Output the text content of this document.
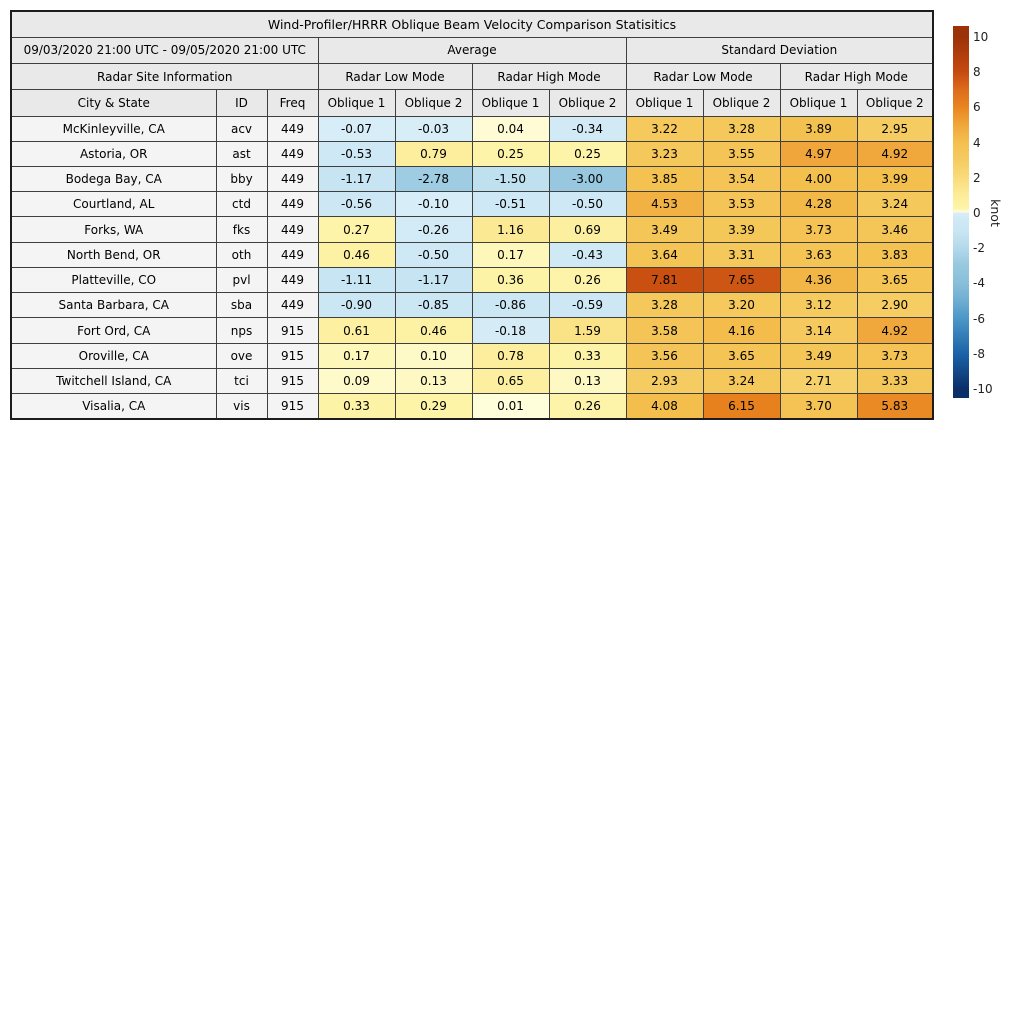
Wind-Profiler/HRRR Oblique Beam Velocity Comparison Statisitics										
09/03/2020 21:00 UTC - 09/05/2020 21:00 UTC			Average				Standard Deviation			
Radar Site Information			Radar Low Mode		Radar High Mode		Radar Low Mode		Radar High Mode	
City & State	ID	Freq	Oblique 1	Oblique 2	Oblique 1	Oblique 2	Oblique 1	Oblique 2	Oblique 1	Oblique 2
McKinleyville, CA	acv	449	-0.07	-0.03	0.04	-0.34	3.22	3.28	3.89	2.95
Astoria, OR	ast	449	-0.53	0.79	0.25	0.25	3.23	3.55	4.97	4.92
Bodega Bay, CA	bby	449	-1.17	-2.78	-1.50	-3.00	3.85	3.54	4.00	3.99
Courtland, AL	ctd	449	-0.56	-0.10	-0.51	-0.50	4.53	3.53	4.28	3.24
Forks, WA	fks	449	0.27	-0.26	1.16	0.69	3.49	3.39	3.73	3.46
North Bend, OR	oth	449	0.46	-0.50	0.17	-0.43	3.64	3.31	3.63	3.83
Platteville, CO	pvl	449	-1.11	-1.17	0.36	0.26	7.81	7.65	4.36	3.65
Santa Barbara, CA	sba	449	-0.90	-0.85	-0.86	-0.59	3.28	3.20	3.12	2.90
Fort Ord, CA	nps	915	0.61	0.46	-0.18	1.59	3.58	4.16	3.14	4.92
Oroville, CA	ove	915	0.17	0.10	0.78	0.33	3.56	3.65	3.49	3.73
Twitchell Island, CA	tci	915	0.09	0.13	0.65	0.13	2.93	3.24	2.71	3.33
Visalia, CA	vis	915	0.33	0.29	0.01	0.26	4.08	6.15	3.70	5.83
10
8
6
4
2
0
-2
-4
-6
-8
-10
knot
